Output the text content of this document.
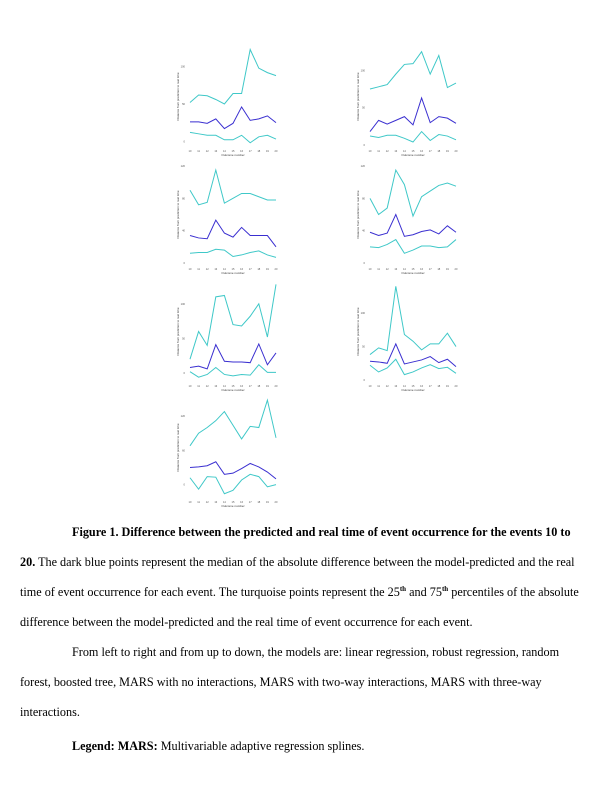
Distance from prediction to real time
0
50
100
10 11 12 13 14 15 16 17 18 19 20
Outcome number
Distance from prediction to real time
0
50
100
10 11 12 13 14 15 16 17 18 19 20
Outcome number
Distance from prediction to real time
0
40
80
120
10 11 12 13 14 15 16 17 18 19 20
Outcome number
Distance from prediction to real time
0
40
80
120
10 11 12 13 14 15 16 17 18 19 20
Outcome number
Distance from prediction to real time
0
50
100
10 11 12 13 14 15 16 17 18 19 20
Outcome number
Distance from prediction to real time
0
50
100
10 11 12 13 14 15 16 17 18 19 20
Outcome number
Distance from prediction to real time
0
60
120
10 11 12 13 14 15 16 17 18 19 20
Outcome number
Figure 1. Difference between the predicted and real time of event occurrence for the events 10 to 20. The dark blue points represent the median of the absolute difference between the model-predicted and the real time of event occurrence for each event. The turquoise points represent the 25th and 75th percentiles of the absolute difference between the model-predicted and the real time of event occurrence for each event.
From left to right and from up to down, the models are: linear regression, robust regression, random forest, boosted tree, MARS with no interactions, MARS with two-way interactions, MARS with three-way interactions.
Legend: MARS: Multivariable adaptive regression splines.
